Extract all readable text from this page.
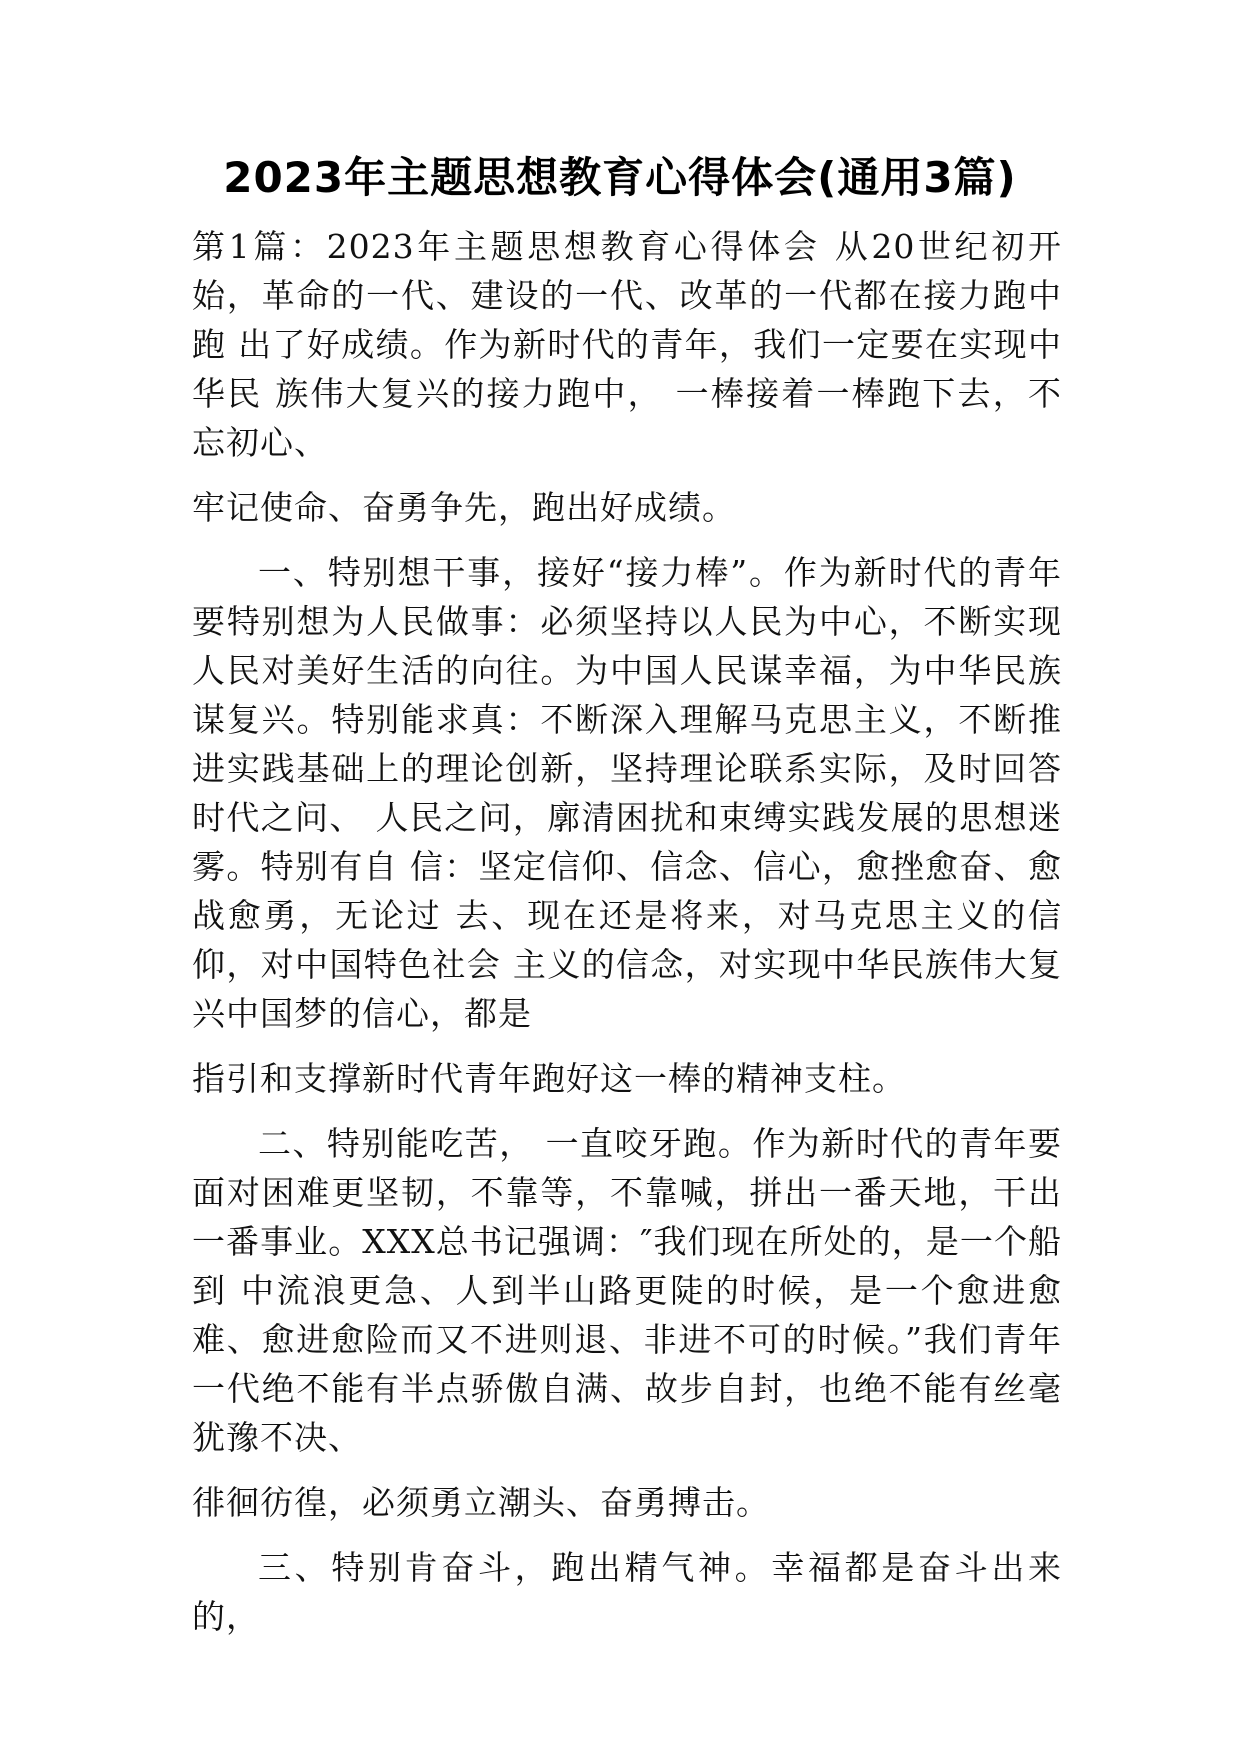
2023年主题思想教育心得体会(通用3篇)

第1篇：2023年主题思想教育心得体会 从20世纪初开 始，革命的一代、建设的一代、改革的一代都在接力跑中跑 出了好成绩。作为新时代的青年，我们一定要在实现中华民 族伟大复兴的接力跑中， 一棒接着一棒跑下去，不忘初心、

牢记使命、奋勇争先，跑出好成绩。

一、特别想干事，接好“接力棒”。作为新时代的青年要特别想为人民做事：必须坚持以人民为中心，不断实现人民对美好生活的向往。为中国人民谋幸福，为中华民族谋复兴。特别能求真：不断深入理解马克思主义，不断推进实践基础上的理论创新，坚持理论联系实际，及时回答时代之问、 人民之问，廓清困扰和束缚实践发展的思想迷雾。特别有自 信：坚定信仰、信念、信心，愈挫愈奋、愈战愈勇，无论过 去、现在还是将来，对马克思主义的信仰，对中国特色社会 主义的信念，对实现中华民族伟大复兴中国梦的信心，都是

指引和支撑新时代青年跑好这一棒的精神支柱。

二、特别能吃苦， 一直咬牙跑。作为新时代的青年要面对困难更坚韧，不靠等，不靠喊，拼出一番天地，干出一番事业。XXX总书记强调：″我们现在所处的，是一个船到 中流浪更急、人到半山路更陡的时候，是一个愈进愈难、愈进愈险而又不进则退、非进不可的时候。”我们青年一代绝不能有半点骄傲自满、故步自封，也绝不能有丝毫犹豫不决、

徘徊彷徨，必须勇立潮头、奋勇搏击。

三、特别肯奋斗，跑出精气神。幸福都是奋斗出来的，
